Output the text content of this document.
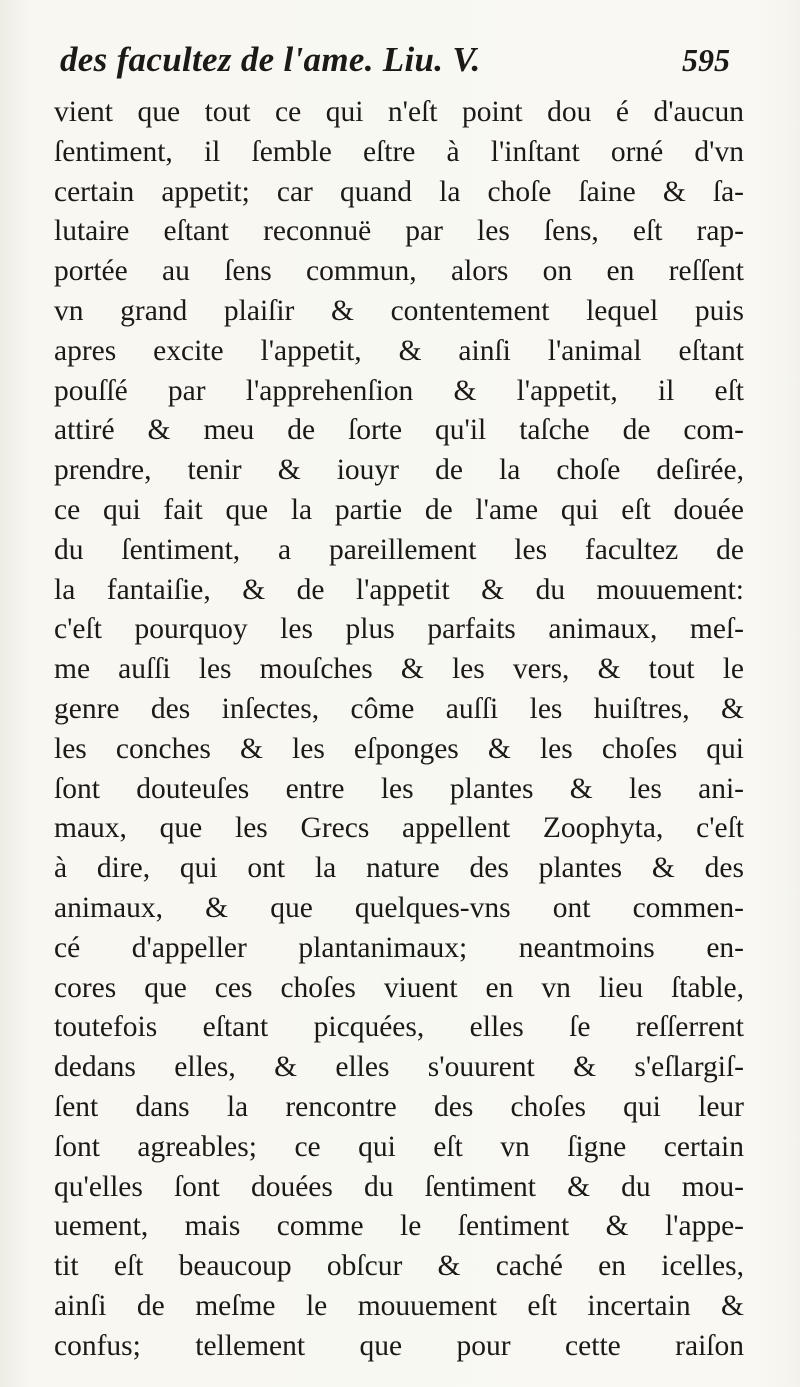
des facultez de l'ame. Liu. V.	595
vient que tout ce qui n'eſt point dou é d'aucun
ſentiment, il ſemble eſtre à l'inſtant orné d'vn
certain appetit; car quand la choſe ſaine & ſa-
lutaire eſtant reconnuë par les ſens, eſt rap-
portée au ſens commun, alors on en reſſent
vn grand plaiſir & contentement lequel puis
apres excite l'appetit, & ainſi l'animal eſtant
pouſſé par l'apprehenſion & l'appetit, il eſt
attiré & meu de ſorte qu'il taſche de com-
prendre, tenir & iouyr de la choſe deſirée,
ce qui fait que la partie de l'ame qui eſt douée
du ſentiment, a pareillement les facultez de
la fantaiſie, & de l'appetit & du mouuement:
c'eſt pourquoy les plus parfaits animaux, meſ-
me auſſi les mouſches & les vers, & tout le
genre des inſectes, côme auſſi les huiſtres, &
les conches & les eſponges & les choſes qui
ſont douteuſes entre les plantes & les ani-
maux, que les Grecs appellent Zoophyta, c'eſt
à dire, qui ont la nature des plantes & des
animaux, & que quelques-vns ont commen-
cé d'appeller plantanimaux; neantmoins en-
cores que ces choſes viuent en vn lieu ſtable,
toutefois eſtant picquées, elles ſe reſſerrent
dedans elles, & elles s'ouurent & s'eſlargiſ-
ſent dans la rencontre des choſes qui leur
ſont agreables; ce qui eſt vn ſigne certain
qu'elles ſont douées du ſentiment & du mou-
uement, mais comme le ſentiment & l'appe-
tit eſt beaucoup obſcur & caché en icelles,
ainſi de meſme le mouuement eſt incertain &
confus; tellement que pour cette raiſon
